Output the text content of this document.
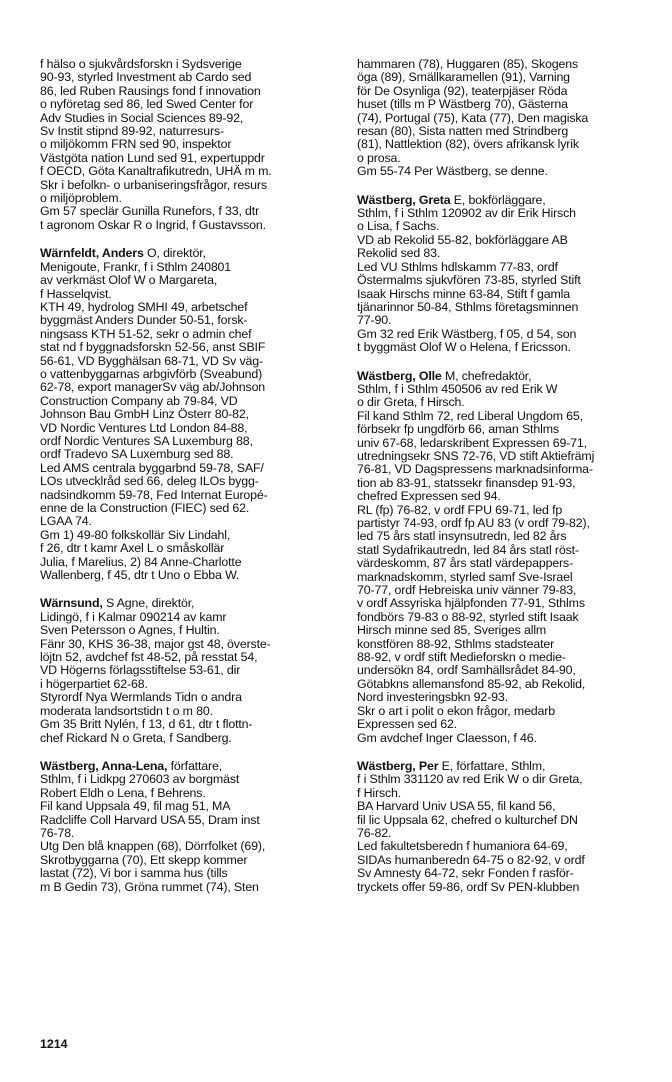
f hälso o sjukvårdsforskn i Sydsverige
90-93, styrled Investment ab Cardo sed
86, led Ruben Rausings fond f innovation
o nyföretag sed 86, led Swed Center for
Adv Studies in Social Sciences 89-92,
Sv Instit stipnd 89-92, naturresurs-
o miljökomm FRN sed 90, inspektor
Västgöta nation Lund sed 91, expertuppdr
f OECD, Göta Kanaltrafikutredn, UHÄ m m.
Skr i befolkn- o urbaniseringsfrågor, resurs
o miljöproblem.
Gm 57 speclär Gunilla Runefors, f 33, dtr
t agronom Oskar R o Ingrid, f Gustavsson.
Wärnfeldt, Anders O, direktör,
Menigoute, Frankr, f i Sthlm 240801
av verkmäst Olof W o Margareta,
f Hasselqvist.
KTH 49, hydrolog SMHI 49, arbetschef
byggmäst Anders Dunder 50-51, forsk-
ningsass KTH 51-52, sekr o admin chef
stat nd f byggnadsforskn 52-56, anst SBIF
56-61, VD Bygghälsan 68-71, VD Sv väg-
o vattenbyggarnas arbgivförb (Sveabund)
62-78, export managerSv väg ab/Johnson
Construction Company ab 79-84, VD
Johnson Bau GmbH Linz Österr 80-82,
VD Nordic Ventures Ltd London 84-88,
ordf Nordic Ventures SA Luxemburg 88,
ordf Tradevo SA Luxemburg sed 88.
Led AMS centrala byggarbnd 59-78, SAF/
LOs utvecklråd sed 66, deleg ILOs bygg-
nadsindkomm 59-78, Fed Internat Europé-
enne de la Construction (FIEC) sed 62.
LGAA 74.
Gm 1) 49-80 folkskollär Siv Lindahl,
f 26, dtr t kamr Axel L o småskollär
Julia, f Marelius, 2) 84 Anne-Charlotte
Wallenberg, f 45, dtr t Uno o Ebba W.
Wärnsund, S Agne, direktör,
Lidingö, f i Kalmar 090214 av kamr
Sven Petersson o Agnes, f Hultin.
Fänr 30, KHS 36-38, major gst 48, överste-
löjtn 52, avdchef fst 48-52, på resstat 54,
VD Högerns förlagsstiftelse 53-61, dir
i högerpartiet 62-68.
Styrordf Nya Wermlands Tidn o andra
moderata landsortstidn t o m 80.
Gm 35 Britt Nylén, f 13, d 61, dtr t flottn-
chef Rickard N o Greta, f Sandberg.
Wästberg, Anna-Lena, författare,
Sthlm, f i Lidkpg 270603 av borgmäst
Robert Eldh o Lena, f Behrens.
Fil kand Uppsala 49, fil mag 51, MA
Radcliffe Coll Harvard USA 55, Dram inst
76-78.
Utg Den blå knappen (68), Dörrfolket (69),
Skrotbyggarna (70), Ett skepp kommer
lastat (72), Vi bor i samma hus (tills
m B Gedin 73), Gröna rummet (74), Sten
hammaren (78), Huggaren (85), Skogens
öga (89), Smällkaramellen (91), Varning
för De Osynliga (92), teaterpjäser Röda
huset (tills m P Wästberg 70), Gästerna
(74), Portugal (75), Kata (77), Den magiska
resan (80), Sista natten med Strindberg
(81), Nattlektion (82), övers afrikansk lyrik
o prosa.
Gm 55-74 Per Wästberg, se denne.
Wästberg, Greta E, bokförläggare,
Sthlm, f i Sthlm 120902 av dir Erik Hirsch
o Lisa, f Sachs.
VD ab Rekolid 55-82, bokförläggare AB
Rekolid sed 83.
Led VU Sthlms hdlskamm 77-83, ordf
Östermalms sjukvfören 73-85, styrled Stift
Isaak Hirschs minne 63-84, Stift f gamla
tjänarinnor 50-84, Sthlms företagsminnen
77-90.
Gm 32 red Erik Wästberg, f 05, d 54, son
t byggmäst Olof W o Helena, f Ericsson.
Wästberg, Olle M, chefredaktör,
Sthlm, f i Sthlm 450506 av red Erik W
o dir Greta, f Hirsch.
Fil kand Sthlm 72, red Liberal Ungdom 65,
förbsekr fp ungdförb 66, aman Sthlms
univ 67-68, ledarskribent Expressen 69-71,
utredningsekr SNS 72-76, VD stift Aktiefrämj
76-81, VD Dagspressens marknadsinforma-
tion ab 83-91, statssekr finansdep 91-93,
chefred Expressen sed 94.
RL (fp) 76-82, v ordf FPU 69-71, led fp
partistyr 74-93, ordf fp AU 83 (v ordf 79-82),
led 75 års statl insynsutredn, led 82 års
statl Sydafrikautredn, led 84 års statl röst-
värdeskomm, 87 års statl värdepappers-
marknadskomm, styrled samf Sve-Israel
70-77, ordf Hebreiska univ vänner 79-83,
v ordf Assyriska hjälpfonden 77-91, Sthlms
fondbörs 79-83 o 88-92, styrled stift Isaak
Hirsch minne sed 85, Sveriges allm
konstfören 88-92, Sthlms stadsteater
88-92, v ordf stift Medieforskn o medie-
undersökn 84, ordf Samhällsrådet 84-90,
Götabkns allemansfond 85-92, ab Rekolid,
Nord investeringsbkn 92-93.
Skr o art i polit o ekon frågor, medarb
Expressen sed 62.
Gm avdchef Inger Claesson, f 46.
Wästberg, Per E, författare, Sthlm,
f i Sthlm 331120 av red Erik W o dir Greta,
f Hirsch.
BA Harvard Univ USA 55, fil kand 56,
fil lic Uppsala 62, chefred o kulturchef DN
76-82.
Led fakultetsberedn f humaniora 64-69,
SIDAs humanberedn 64-75 o 82-92, v ordf
Sv Amnesty 64-72, sekr Fonden f rasför-
tryckets offer 59-86, ordf Sv PEN-klubben
1214
